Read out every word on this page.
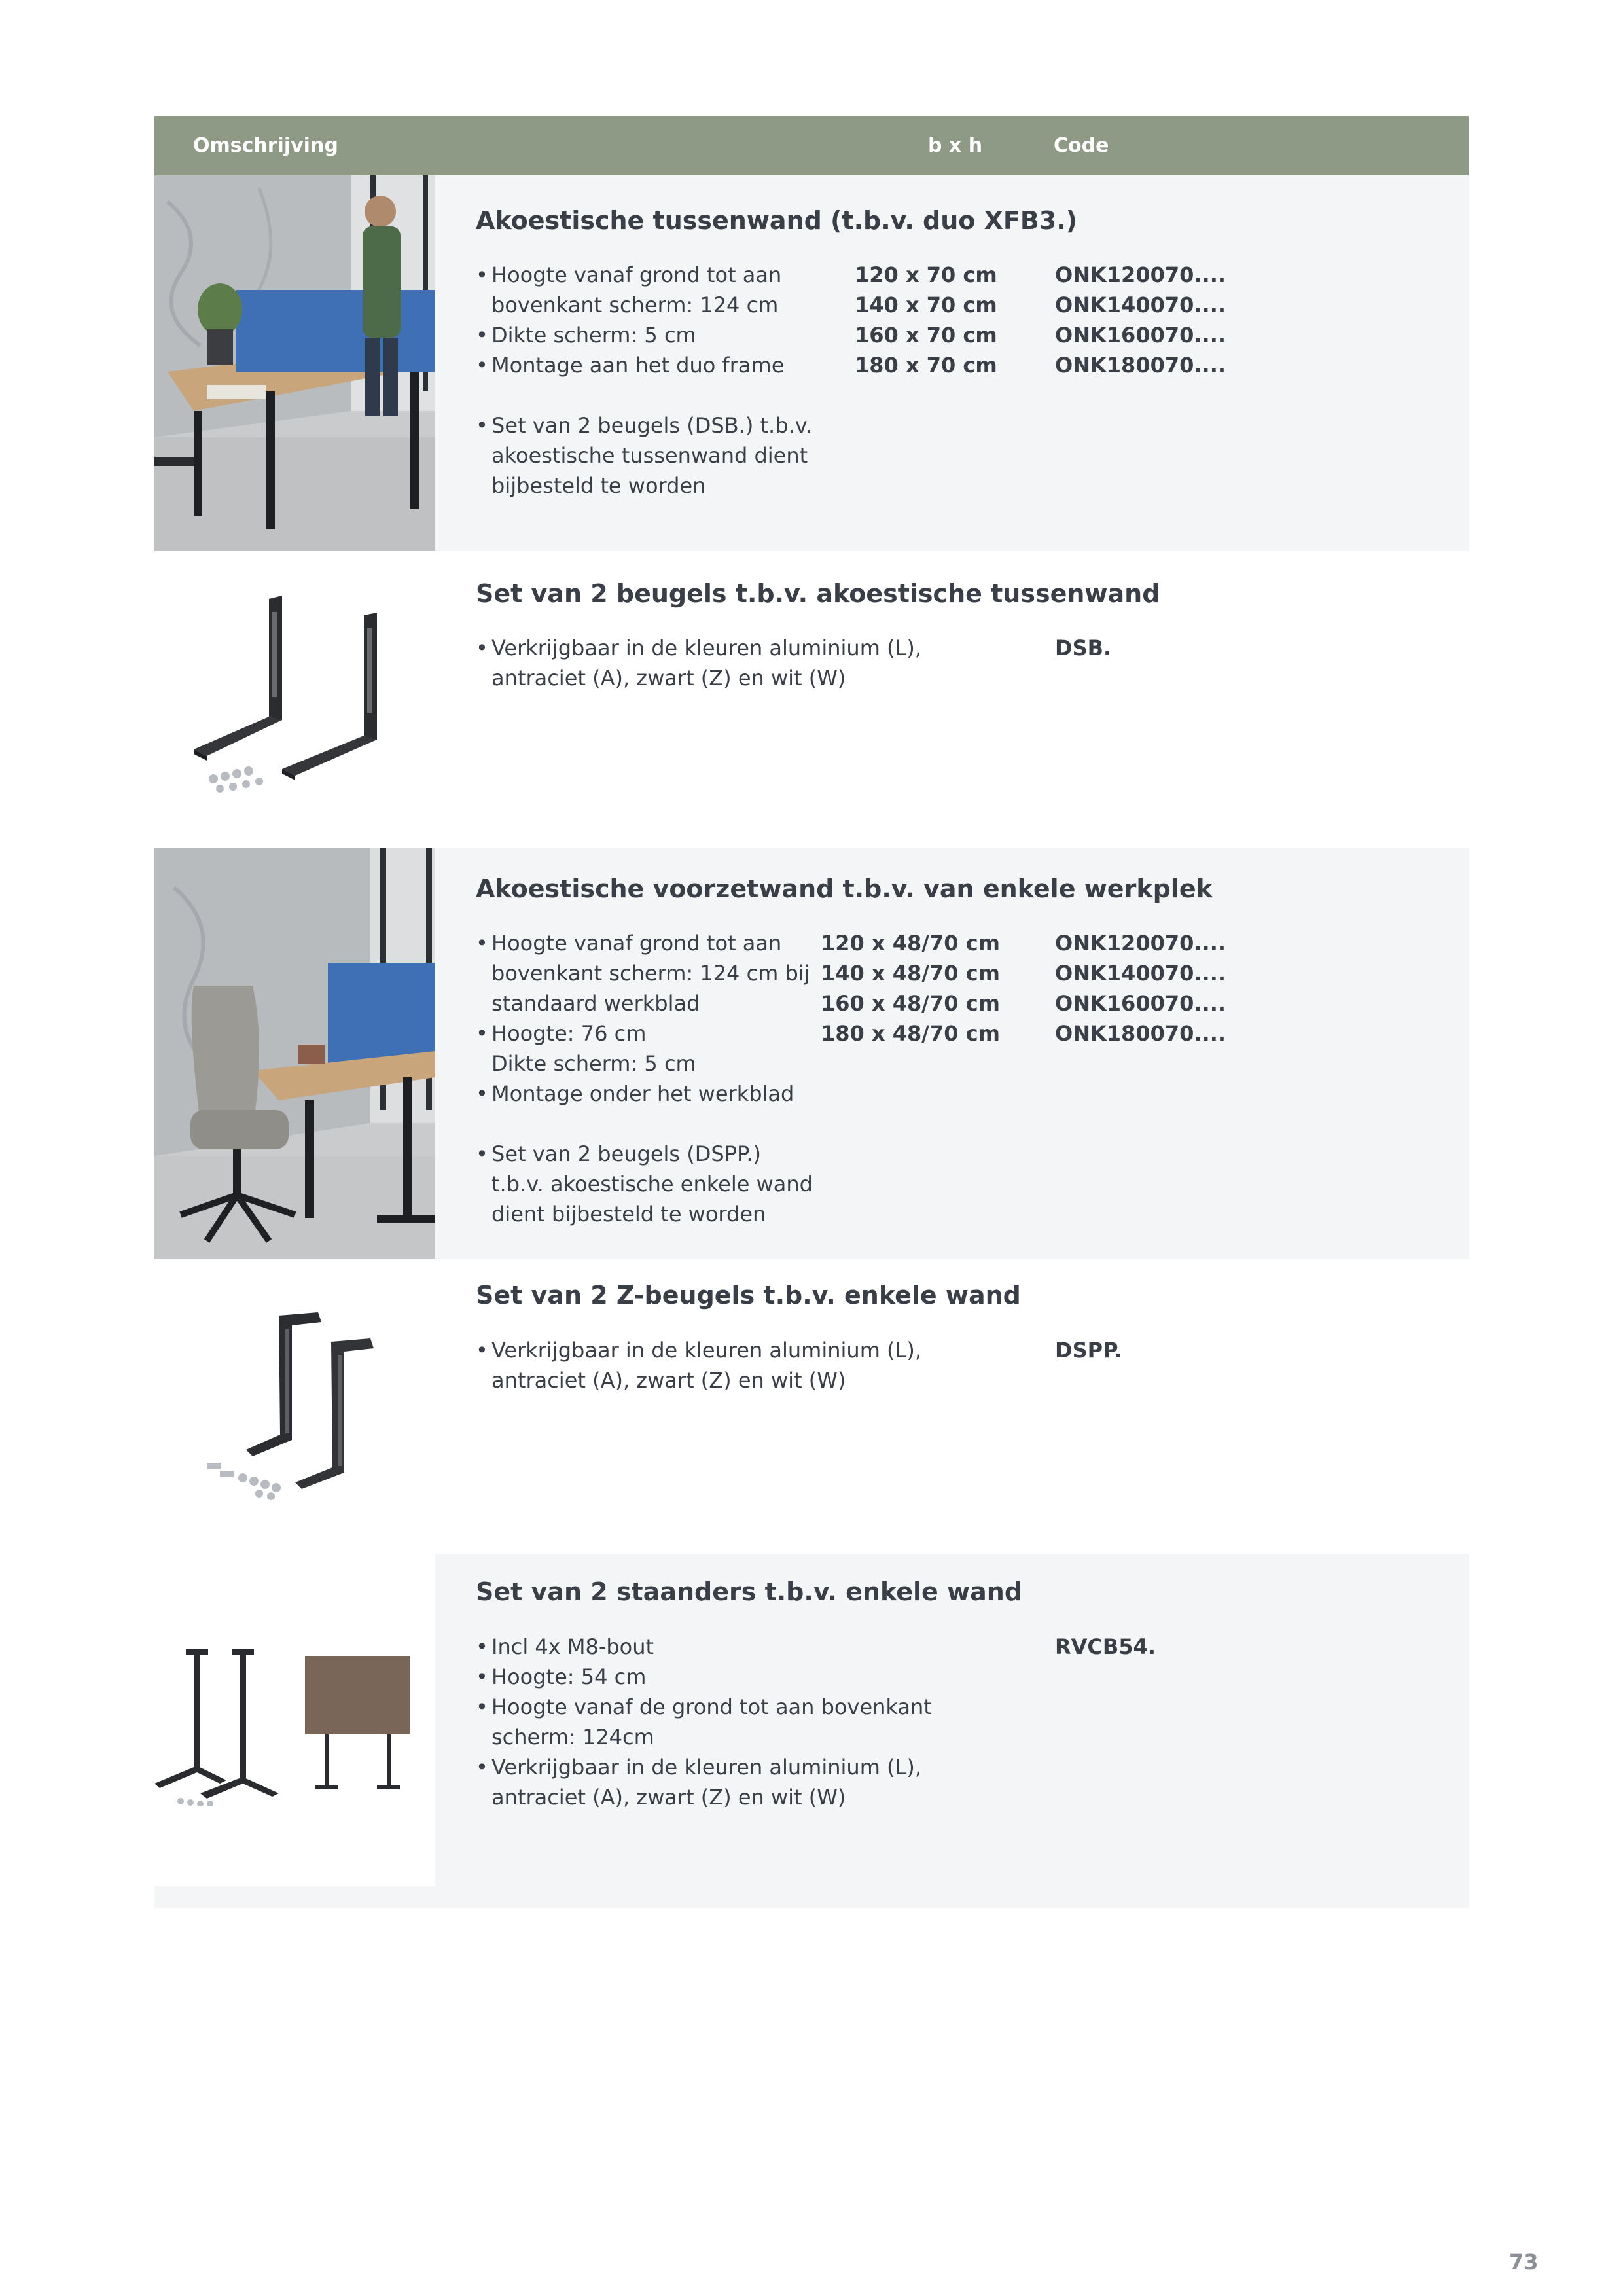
Omschrijving	b x h	Code
Akoestische tussenwand (t.b.v. duo XFB3.)
• Hoogte vanaf grond tot aan
bovenkant scherm: 124 cm
• Dikte scherm: 5 cm
• Montage aan het duo frame
• Set van 2 beugels (DSB.) t.b.v.
akoestische tussenwand dient
bijbesteld te worden
120 x 70 cm
140 x 70 cm
160 x 70 cm
180 x 70 cm
ONK120070....
ONK140070....
ONK160070....
ONK180070....
Set van 2 beugels t.b.v. akoestische tussenwand
• Verkrijgbaar in de kleuren aluminium (L),
antraciet (A), zwart (Z) en wit (W)
DSB.
Akoestische voorzetwand t.b.v. van enkele werkplek
• Hoogte vanaf grond tot aan
bovenkant scherm: 124 cm bij
standaard werkblad
• Hoogte: 76 cm
Dikte scherm: 5 cm
• Montage onder het werkblad
• Set van 2 beugels (DSPP.)
t.b.v. akoestische enkele wand
dient bijbesteld te worden
120 x 48/70 cm
140 x 48/70 cm
160 x 48/70 cm
180 x 48/70 cm
ONK120070....
ONK140070....
ONK160070....
ONK180070....
Set van 2 Z-beugels t.b.v. enkele wand
• Verkrijgbaar in de kleuren aluminium (L),
antraciet (A), zwart (Z) en wit (W)
DSPP.
Set van 2 staanders t.b.v. enkele wand
• Incl 4x M8-bout
• Hoogte: 54 cm
• Hoogte vanaf de grond tot aan bovenkant
scherm: 124cm
• Verkrijgbaar in de kleuren aluminium (L),
antraciet (A), zwart (Z) en wit (W)
RVCB54.
73
